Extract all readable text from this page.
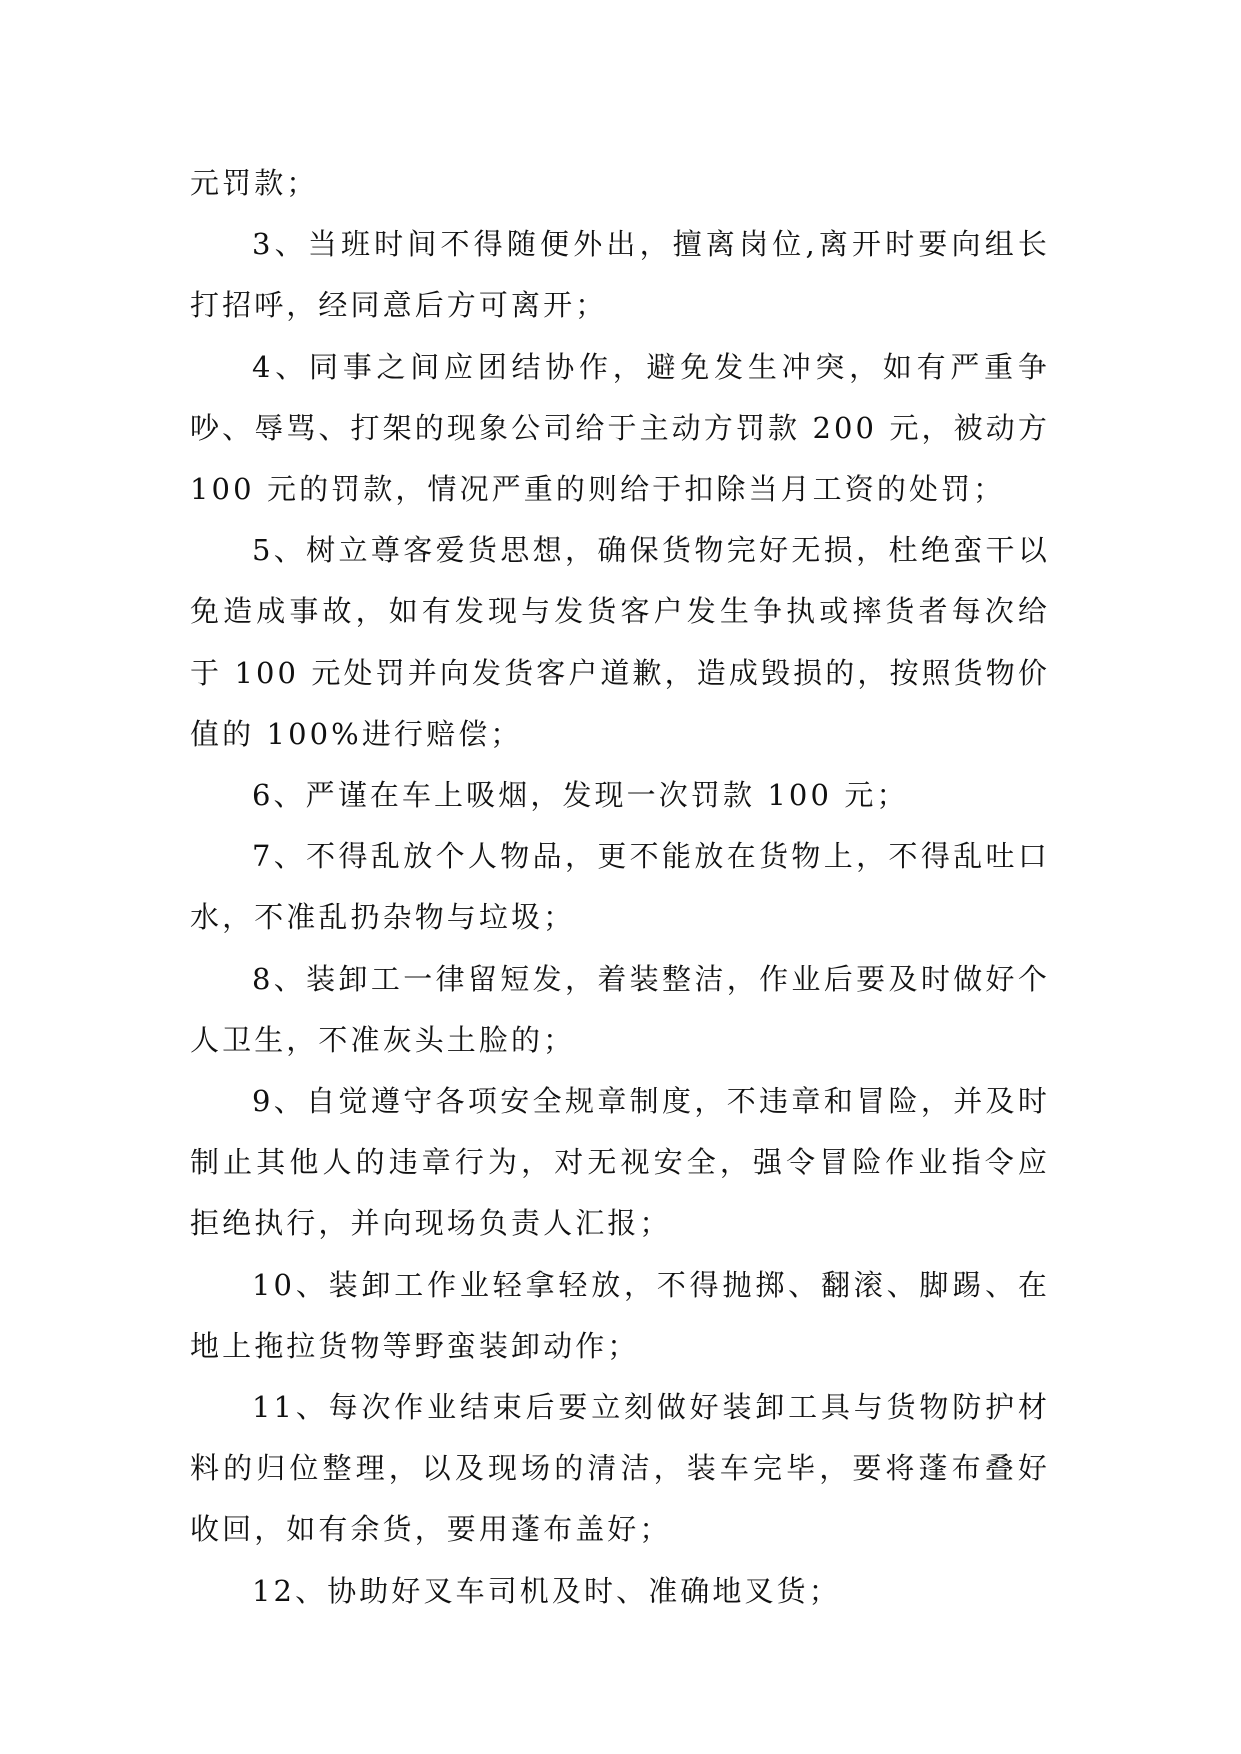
元罚款；

3、当班时间不得随便外出，擅离岗位,离开时要向组长打招呼，经同意后方可离开；

4、同事之间应团结协作，避免发生冲突，如有严重争吵、辱骂、打架的现象公司给于主动方罚款 200 元，被动方 100 元的罚款，情况严重的则给于扣除当月工资的处罚；

5、树立尊客爱货思想，确保货物完好无损，杜绝蛮干以免造成事故，如有发现与发货客户发生争执或摔货者每次给于 100 元处罚并向发货客户道歉，造成毁损的，按照货物价值的 100%进行赔偿；

6、严谨在车上吸烟，发现一次罚款 100 元；

7、不得乱放个人物品，更不能放在货物上，不得乱吐口水，不准乱扔杂物与垃圾；

8、装卸工一律留短发，着装整洁，作业后要及时做好个人卫生，不准灰头土脸的；

9、自觉遵守各项安全规章制度，不违章和冒险，并及时制止其他人的违章行为，对无视安全，强令冒险作业指令应拒绝执行，并向现场负责人汇报；

10、装卸工作业轻拿轻放，不得抛掷、翻滚、脚踢、在地上拖拉货物等野蛮装卸动作；

11、每次作业结束后要立刻做好装卸工具与货物防护材料的归位整理，以及现场的清洁，装车完毕，要将蓬布叠好收回，如有余货，要用蓬布盖好；

12、协助好叉车司机及时、准确地叉货；
